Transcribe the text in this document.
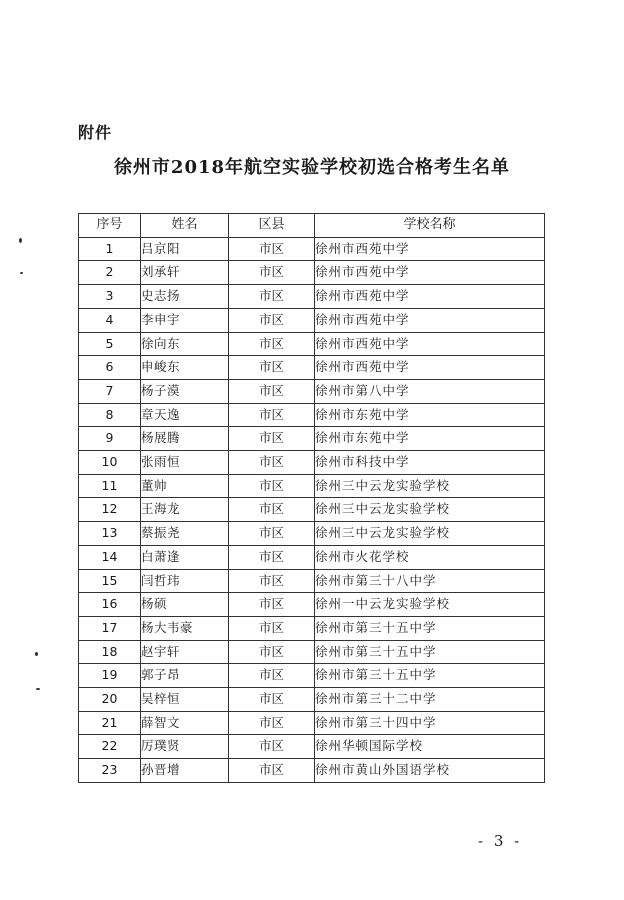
附件
徐州市2018年航空实验学校初选合格考生名单
序号	姓名	区县	学校名称
1	吕京阳	市区	徐州市西苑中学
2	刘承轩	市区	徐州市西苑中学
3	史志扬	市区	徐州市西苑中学
4	李申宇	市区	徐州市西苑中学
5	徐向东	市区	徐州市西苑中学
6	申峻东	市区	徐州市西苑中学
7	杨子漠	市区	徐州市第八中学
8	章天逸	市区	徐州市东苑中学
9	杨展腾	市区	徐州市东苑中学
10	张雨恒	市区	徐州市科技中学
11	董帅	市区	徐州三中云龙实验学校
12	王海龙	市区	徐州三中云龙实验学校
13	蔡振尧	市区	徐州三中云龙实验学校
14	白萧逢	市区	徐州市火花学校
15	闫哲玮	市区	徐州市第三十八中学
16	杨硕	市区	徐州一中云龙实验学校
17	杨大韦豪	市区	徐州市第三十五中学
18	赵宇轩	市区	徐州市第三十五中学
19	郭子昂	市区	徐州市第三十五中学
20	吴梓恒	市区	徐州市第三十二中学
21	薛智文	市区	徐州市第三十四中学
22	厉璞贤	市区	徐州华顿国际学校
23	孙晋增	市区	徐州市黄山外国语学校
- 3 -
